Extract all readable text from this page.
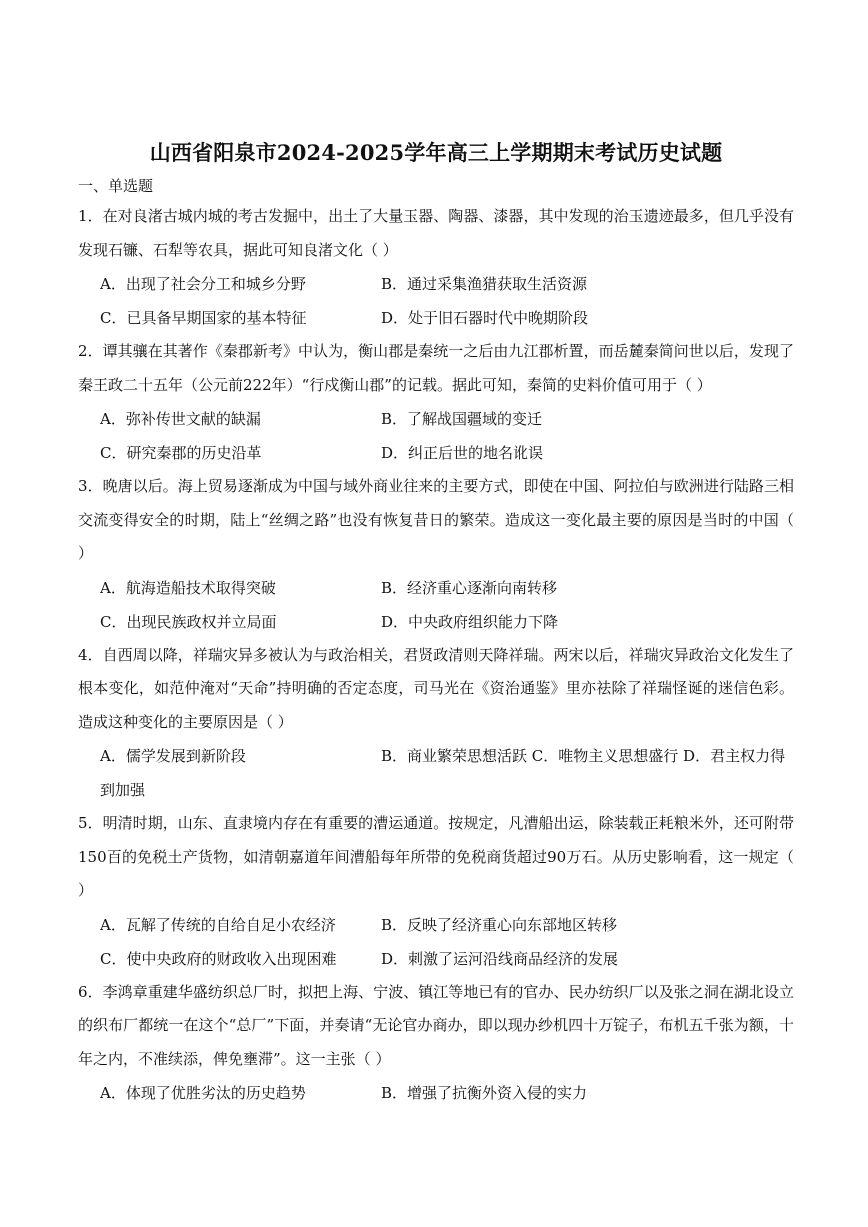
山西省阳泉市2024-2025学年高三上学期期末考试历史试题
一、单选题
1．在对良渚古城内城的考古发掘中，出土了大量玉器、陶器、漆器，其中发现的治玉遗迹最多，但几乎没有发现石镰、石犁等农具，据此可知良渚文化（ ）
A．出现了社会分工和城乡分野	B．通过采集渔猎获取生活资源
C．已具备早期国家的基本特征	D．处于旧石器时代中晚期阶段
2．谭其骧在其著作《秦郡新考》中认为，衡山郡是秦统一之后由九江郡析置，而岳麓秦简问世以后，发现了秦王政二十五年（公元前222年）“行戍衡山郡”的记载。据此可知，秦简的史料价值可用于（ ）
A．弥补传世文献的缺漏	B．了解战国疆域的变迁
C．研究秦郡的历史沿革	D．纠正后世的地名讹误
3．晚唐以后。海上贸易逐渐成为中国与域外商业往来的主要方式，即使在中国、阿拉伯与欧洲进行陆路三相交流变得安全的时期，陆上“丝绸之路”也没有恢复昔日的繁荣。造成这一变化最主要的原因是当时的中国（ ）
A．航海造船技术取得突破	B．经济重心逐渐向南转移
C．出现民族政权并立局面	D．中央政府组织能力下降
4．自西周以降，祥瑞灾异多被认为与政治相关，君贤政清则天降祥瑞。两宋以后，祥瑞灾异政治文化发生了根本变化，如范仲淹对“天命”持明确的否定态度，司马光在《资治通鉴》里亦祛除了祥瑞怪诞的迷信色彩。造成这种变化的主要原因是（ ）
A．儒学发展到新阶段	B．商业繁荣思想活跃 C．唯物主义思想盛行 D．君主权力得到加强
5．明清时期，山东、直隶境内存在有重要的漕运通道。按规定，凡漕船出运，除装载正耗粮米外，还可附带150百的免税土产货物，如清朝嘉道年间漕船每年所带的免税商货超过90万石。从历史影响看，这一规定（ ）
A．瓦解了传统的自给自足小农经济	B．反映了经济重心向东部地区转移
C．使中央政府的财政收入出现困难	D．刺激了运河沿线商品经济的发展
6．李鸿章重建华盛纺织总厂时，拟把上海、宁波、镇江等地已有的官办、民办纺织厂以及张之洞在湖北设立的织布厂都统一在这个“总厂”下面，并奏请“无论官办商办，即以现办纱机四十万锭子，布机五千张为额，十年之内，不准续添，俾免壅滞”。这一主张（ ）
A．体现了优胜劣汰的历史趋势	B．增强了抗衡外资入侵的实力
